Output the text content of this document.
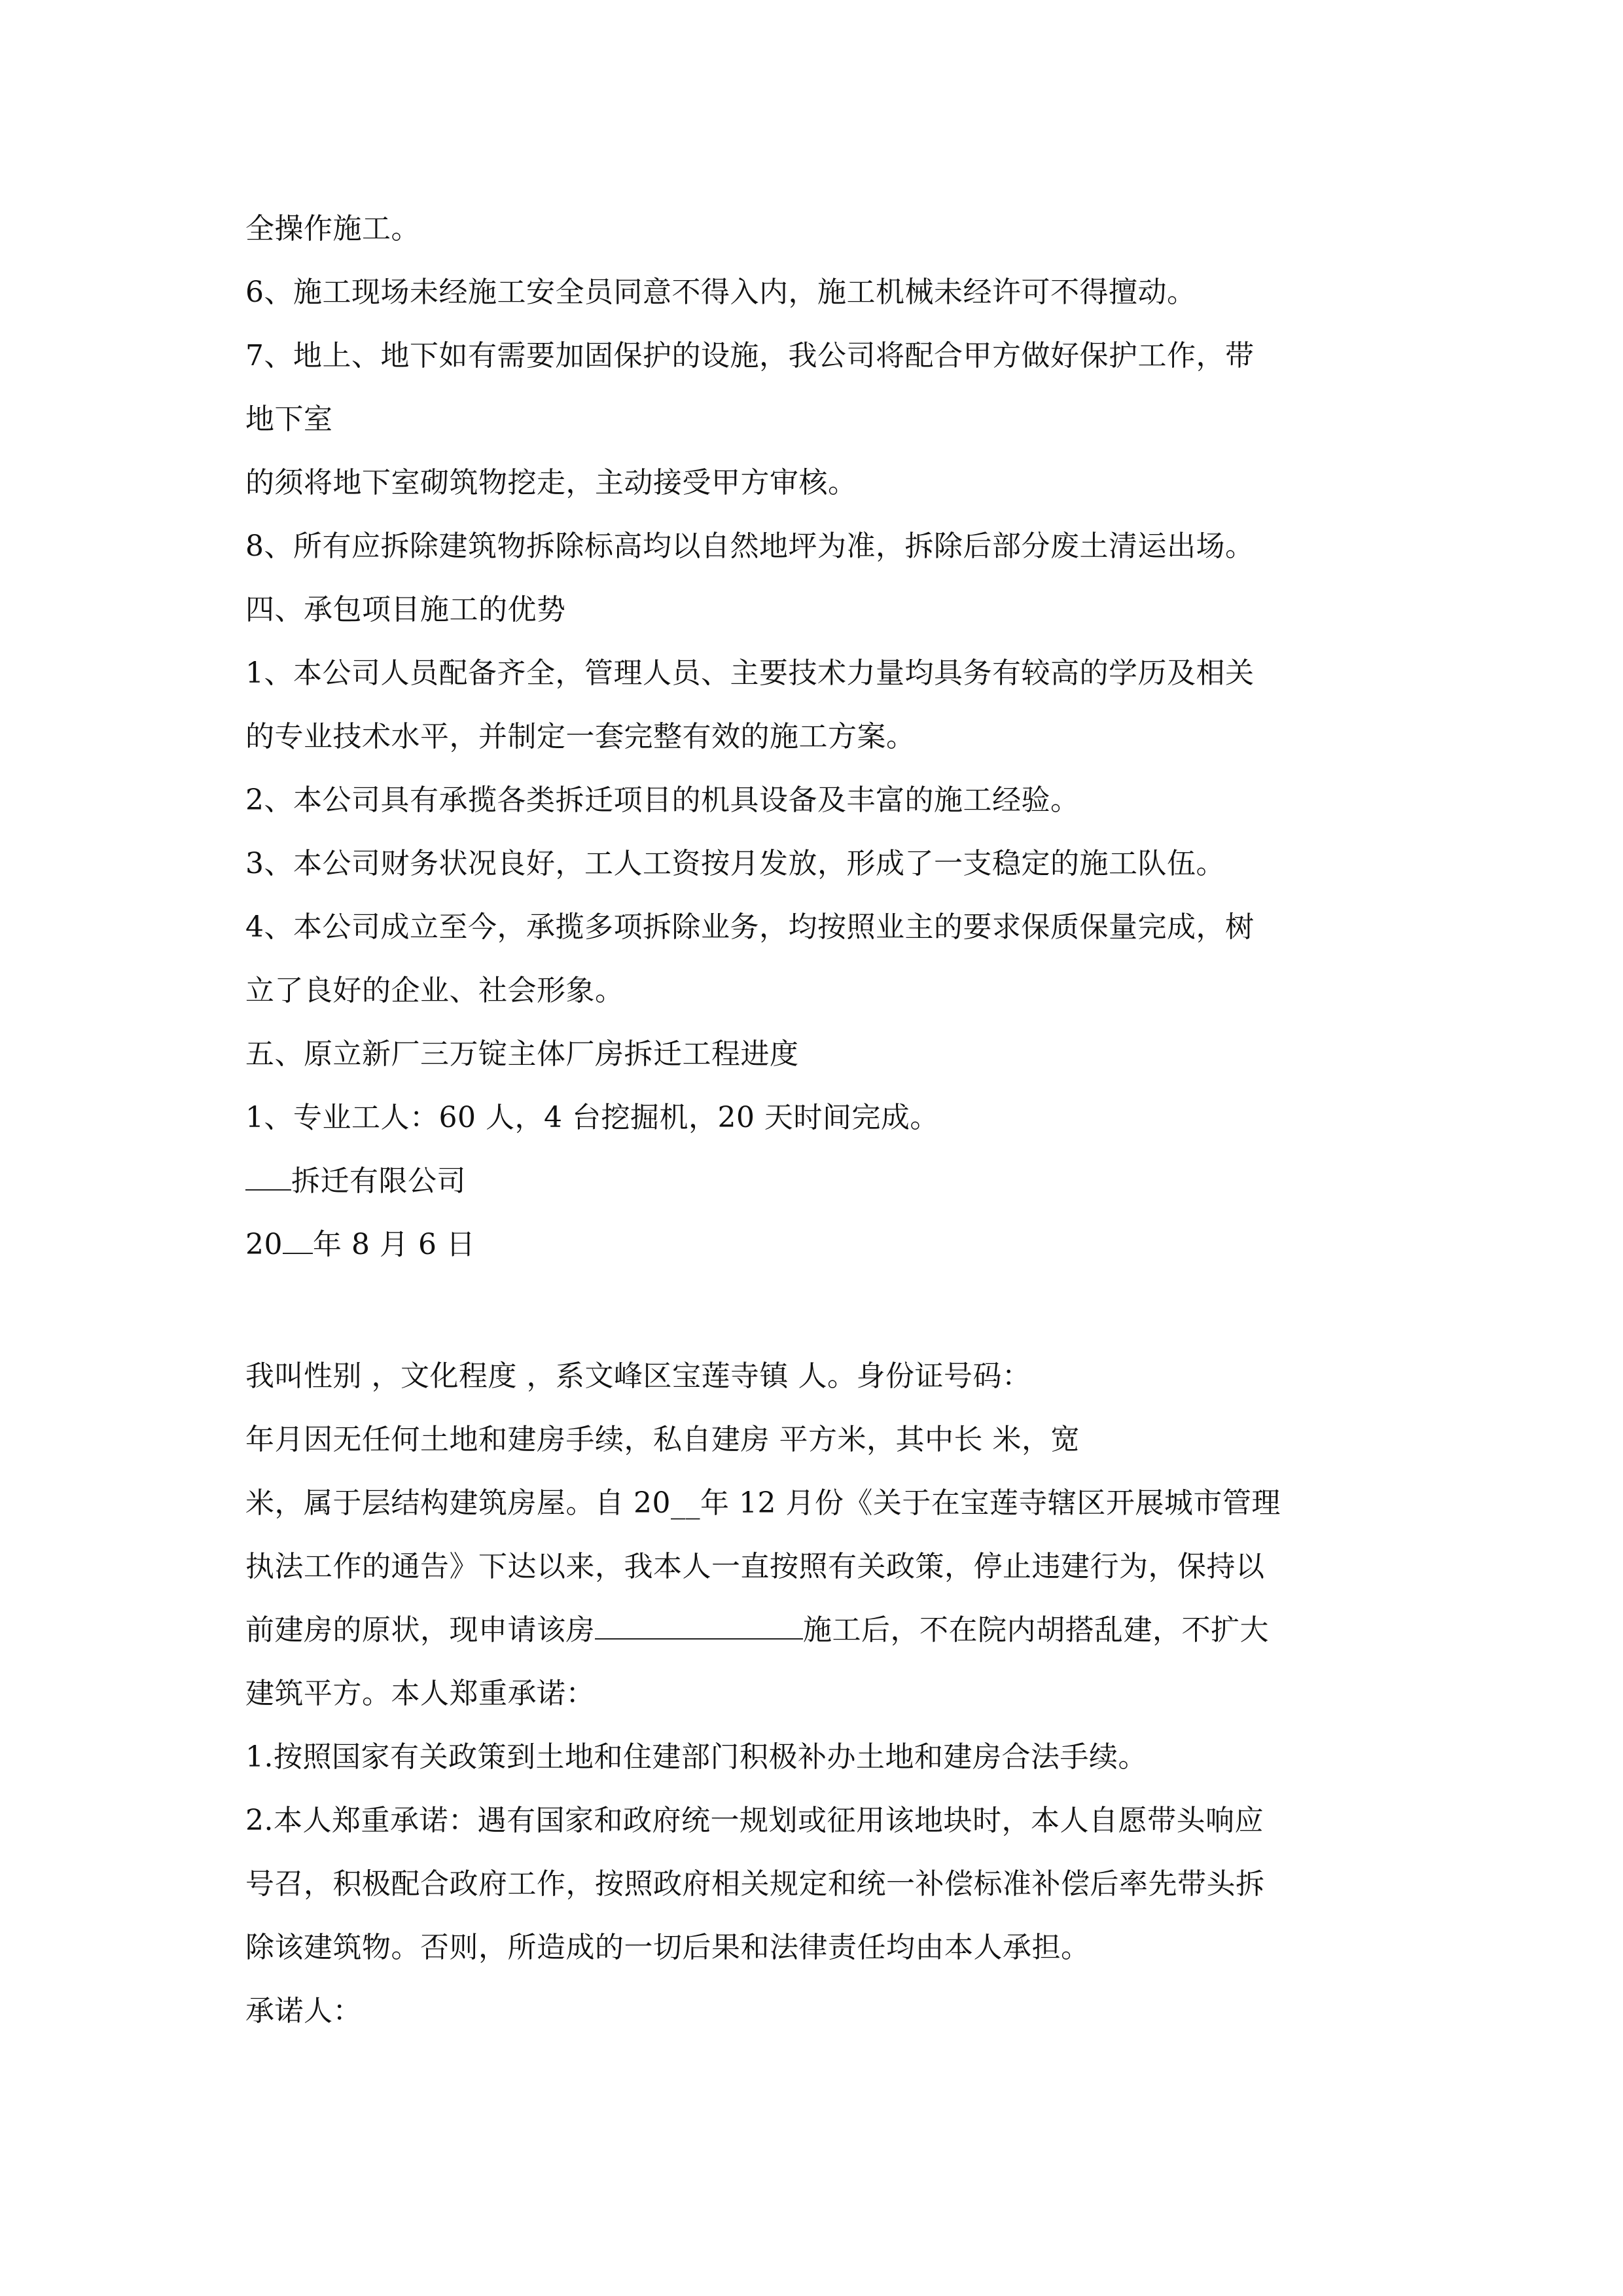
全操作施工。
6、施工现场未经施工安全员同意不得入内，施工机械未经许可不得擅动。
7、地上、地下如有需要加固保护的设施，我公司将配合甲方做好保护工作，带
地下室
的须将地下室砌筑物挖走，主动接受甲方审核。
8、所有应拆除建筑物拆除标高均以自然地坪为准，拆除后部分废土清运出场。
四、承包项目施工的优势
1、本公司人员配备齐全，管理人员、主要技术力量均具务有较高的学历及相关
的专业技术水平，并制定一套完整有效的施工方案。
2、本公司具有承揽各类拆迁项目的机具设备及丰富的施工经验。
3、本公司财务状况良好，工人工资按月发放，形成了一支稳定的施工队伍。
4、本公司成立至今，承揽多项拆除业务，均按照业主的要求保质保量完成，树
立了良好的企业、社会形象。
五、原立新厂三万锭主体厂房拆迁工程进度
1、专业工人：60 人，4 台挖掘机，20 天时间完成。
拆迁有限公司
20 年 8 月 6 日
我叫性别 ，文化程度 ，系文峰区宝莲寺镇 人。身份证号码：
年月因无任何土地和建房手续，私自建房 平方米，其中长 米，宽
米，属于层结构建筑房屋。自 20__年 12 月份《关于在宝莲寺辖区开展城市管理
执法工作的通告》下达以来，我本人一直按照有关政策，停止违建行为，保持以
前建房的原状，现申请该房	施工后，不在院内胡搭乱建，不扩大
建筑平方。本人郑重承诺：
1.按照国家有关政策到土地和住建部门积极补办土地和建房合法手续。
2.本人郑重承诺：遇有国家和政府统一规划或征用该地块时，本人自愿带头响应
号召，积极配合政府工作，按照政府相关规定和统一补偿标准补偿后率先带头拆
除该建筑物。否则，所造成的一切后果和法律责任均由本人承担。
承诺人：
